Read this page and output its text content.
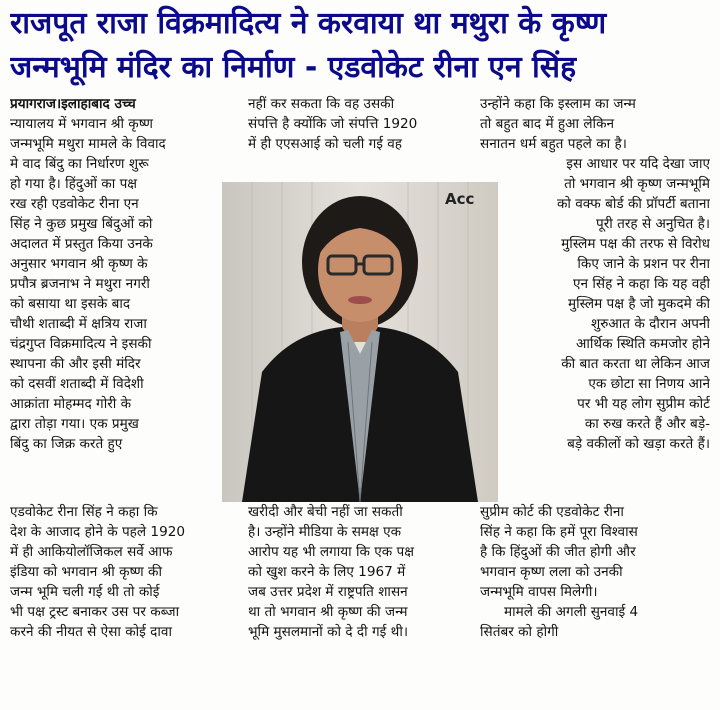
राजपूत राजा विक्रमादित्य ने करवाया था मथुरा के कृष्ण
जन्मभूमि मंदिर का निर्माण - एडवोकेट रीना एन सिंह
प्रयागराज।इलाहाबाद उच्च
न्यायालय में भगवान श्री कृष्ण
जन्मभूमि मथुरा मामले के विवाद
मे वाद बिंदु का निर्धारण शुरू
हो गया है। हिंदुओं का पक्ष
रख रही एडवोकेट रीना एन
सिंह ने कुछ प्रमुख बिंदुओं को
अदालत में प्रस्तुत किया उनके
अनुसार भगवान श्री कृष्ण के
प्रपौत्र ब्रजनाभ ने मथुरा नगरी
को बसाया था इसके बाद
चौथी शताब्दी में क्षत्रिय राजा
चंद्रगुप्त विक्रमादित्य ने इसकी
स्थापना की और इसी मंदिर
को दसवीं शताब्दी में विदेशी
आक्रांता मोहम्मद गोरी के
द्वारा तोड़ा गया। एक प्रमुख
बिंदु का जिक्र करते हुए
नहीं कर सकता कि वह उसकी
संपत्ति है क्योंकि जो संपत्ति 1920
में ही एएसआई को चली गई वह
उन्होंने कहा कि इस्लाम का जन्म
तो बहुत बाद में हुआ लेकिन
सनातन धर्म बहुत पहले का है।
इस आधार पर यदि देखा जाए
तो भगवान श्री कृष्ण जन्मभूमि
को वक्फ बोर्ड की प्रॉपर्टी बताना
पूरी तरह से अनुचित है।
मुस्लिम पक्ष की तरफ से विरोध
किए जाने के प्रशन पर रीना
एन सिंह ने कहा कि यह वही
मुस्लिम पक्ष है जो मुकदमे की
शुरुआत के दौरान अपनी
आर्थिक स्थिति कमजोर होने
की बात करता था लेकिन आज
एक छोटा सा निणय आने
पर भी यह लोग सुप्रीम कोर्ट
का रुख करते हैं और बड़े-
बड़े वकीलों को खड़ा करते हैं।
Acc
एडवोकेट रीना सिंह ने कहा कि
देश के आजाद होने के पहले 1920
में ही आकियोलॉजिकल सर्वे आफ
इंडिया को भगवान श्री कृष्ण की
जन्म भूमि चली गई थी तो कोई
भी पक्ष ट्रस्ट बनाकर उस पर कब्जा
करने की नीयत से ऐसा कोई दावा
खरीदी और बेची नहीं जा सकती
है। उन्होंने मीडिया के समक्ष एक
आरोप यह भी लगाया कि एक पक्ष
को खुश करने के लिए 1967 में
जब उत्तर प्रदेश में राष्ट्रपति शासन
था तो भगवान श्री कृष्ण की जन्म
भूमि मुसलमानों को दे दी गई थी।
सुप्रीम कोर्ट की एडवोकेट रीना
सिंह ने कहा कि हमें पूरा विश्वास
है कि हिंदुओं की जीत होगी और
भगवान कृष्ण लला को उनकी
जन्मभूमि वापस मिलेगी।
मामले की अगली सुनवाई 4
सितंबर को होगी
